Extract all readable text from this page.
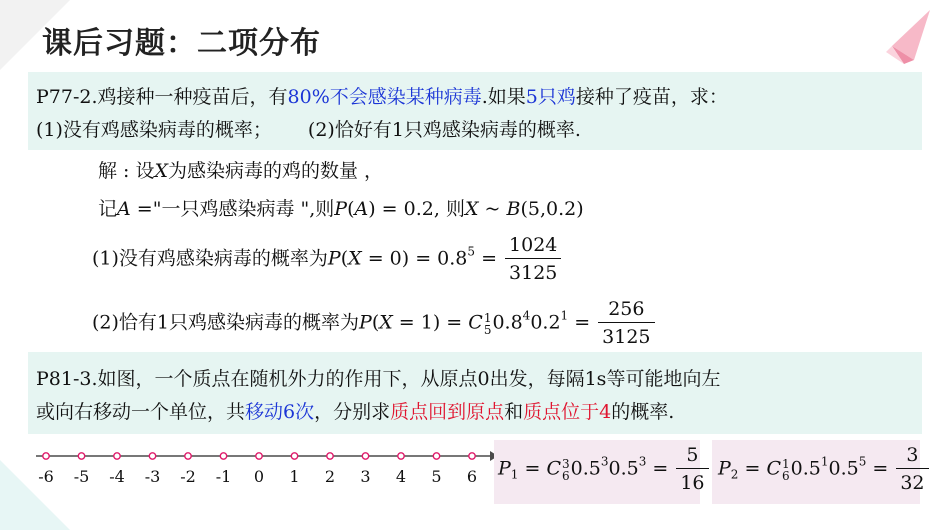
课后习题：二项分布
P77-2.鸡接种一种疫苗后，有80%不会感染某种病毒.如果5只鸡接种了疫苗，求：
(1)没有鸡感染病毒的概率； (2)恰好有1只鸡感染病毒的概率.
解 : 设X为感染病毒的鸡的数量 ，
记A ="一只鸡感染病毒 ",则P(A) = 0.2, 则X ~ B(5,0.2)
(1)没有鸡感染病毒的概率为$P(X = 0) = 0.8^5 = \frac{1024}{3125}$
(2)恰有1只鸡感染病毒的概率为P(X = 1) = C 1
5 $0.8^40.2^1 = \frac{256}{3125}$
P81-3.如图，一个质点在随机外力的作用下，从原点0出发，每隔1s等可能地向左
或向右移动一个单位，共移动6次，分别求质点回到原点和质点位于4的概率.
-6 -5 -4 -3 -2 -1 0 1 2 3 4 5 6 $P_1 = C$ 3
6 $0.5^30.5^3 = \frac{5}{16} P_2 = C$ 1
6 $0.5^10.5^5 = \frac{3}{32}$
